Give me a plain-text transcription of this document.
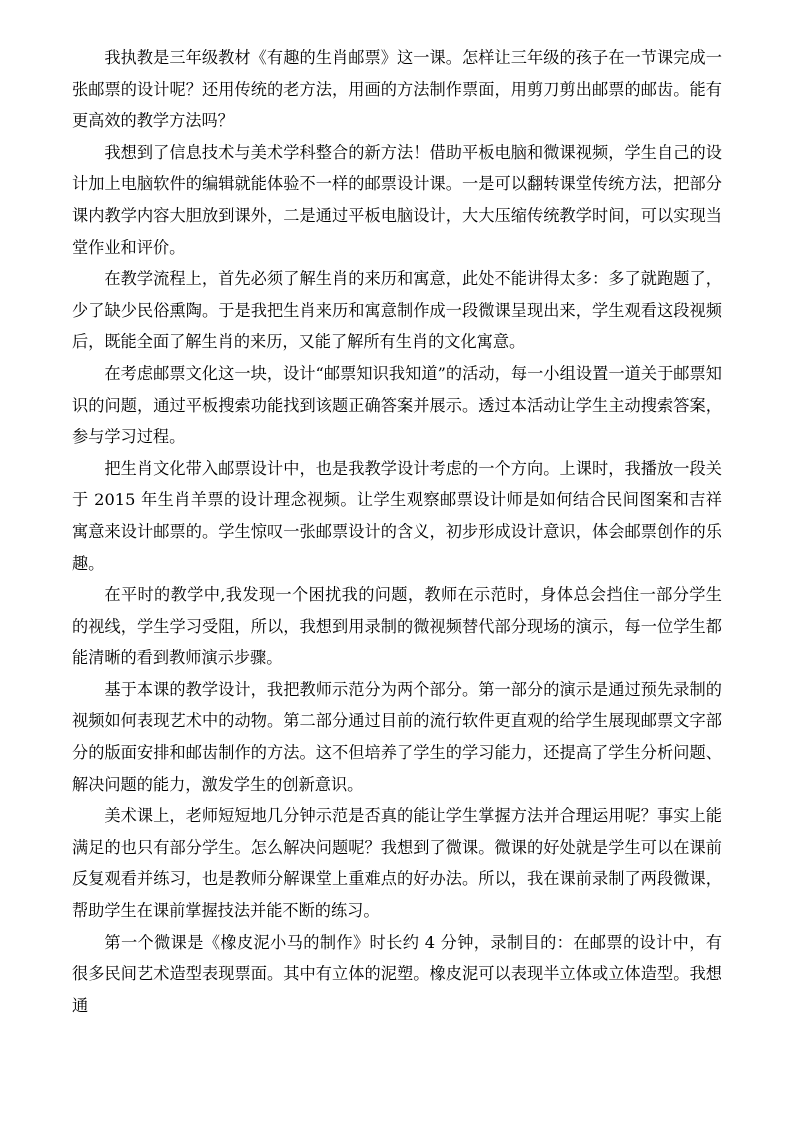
我执教是三年级教材《有趣的生肖邮票》这一课。怎样让三年级的孩子在一节课完成一张邮票的设计呢？还用传统的老方法，用画的方法制作票面，用剪刀剪出邮票的邮齿。能有更高效的教学方法吗？

我想到了信息技术与美术学科整合的新方法！借助平板电脑和微课视频，学生自己的设计加上电脑软件的编辑就能体验不一样的邮票设计课。一是可以翻转课堂传统方法，把部分课内教学内容大胆放到课外，二是通过平板电脑设计，大大压缩传统教学时间，可以实现当堂作业和评价。

在教学流程上，首先必须了解生肖的来历和寓意，此处不能讲得太多：多了就跑题了，少了缺少民俗熏陶。于是我把生肖来历和寓意制作成一段微课呈现出来，学生观看这段视频后，既能全面了解生肖的来历，又能了解所有生肖的文化寓意。

在考虑邮票文化这一块，设计“邮票知识我知道”的活动，每一小组设置一道关于邮票知识的问题，通过平板搜索功能找到该题正确答案并展示。透过本活动让学生主动搜索答案，参与学习过程。

把生肖文化带入邮票设计中，也是我教学设计考虑的一个方向。上课时，我播放一段关于 2015 年生肖羊票的设计理念视频。让学生观察邮票设计师是如何结合民间图案和吉祥寓意来设计邮票的。学生惊叹一张邮票设计的含义，初步形成设计意识，体会邮票创作的乐趣。

在平时的教学中,我发现一个困扰我的问题，教师在示范时，身体总会挡住一部分学生的视线，学生学习受阻，所以，我想到用录制的微视频替代部分现场的演示，每一位学生都能清晰的看到教师演示步骤。

基于本课的教学设计，我把教师示范分为两个部分。第一部分的演示是通过预先录制的视频如何表现艺术中的动物。第二部分通过目前的流行软件更直观的给学生展现邮票文字部分的版面安排和邮齿制作的方法。这不但培养了学生的学习能力，还提高了学生分析问题、解决问题的能力，激发学生的创新意识。

美术课上，老师短短地几分钟示范是否真的能让学生掌握方法并合理运用呢？事实上能满足的也只有部分学生。怎么解决问题呢？我想到了微课。微课的好处就是学生可以在课前反复观看并练习，也是教师分解课堂上重难点的好办法。所以，我在课前录制了两段微课，帮助学生在课前掌握技法并能不断的练习。

第一个微课是《橡皮泥小马的制作》时长约 4 分钟，录制目的：在邮票的设计中，有很多民间艺术造型表现票面。其中有立体的泥塑。橡皮泥可以表现半立体或立体造型。我想通
